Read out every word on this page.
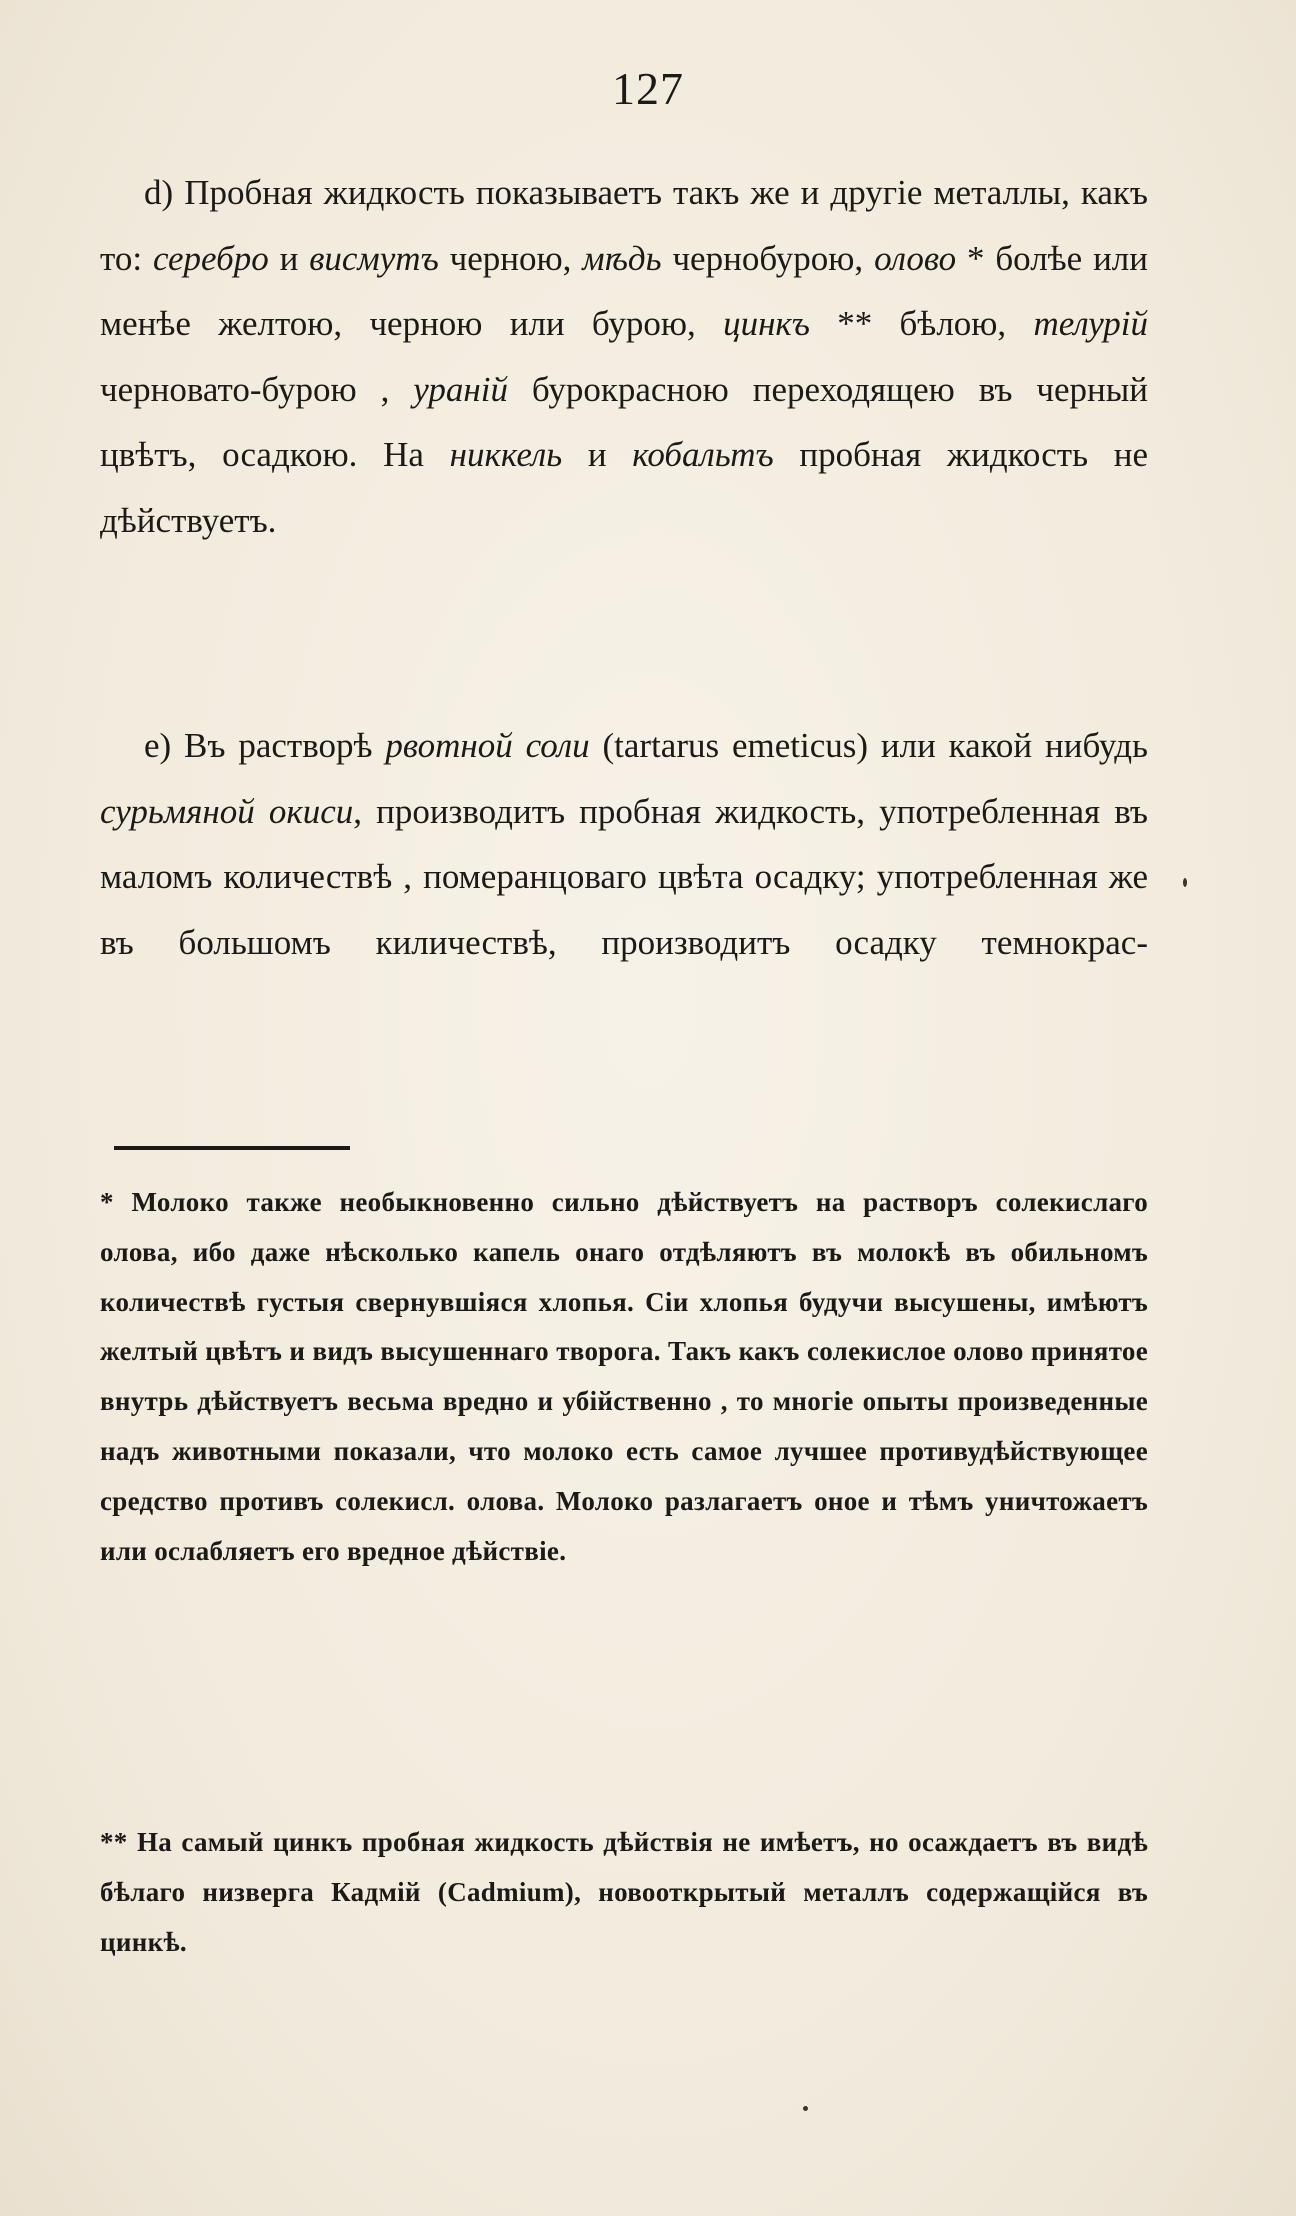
127

d) Пробная жидкость показываетъ такъ же и другіе металлы, какъ то: серебро и висмутъ черною, мѣдь чернобурою, олово * болѣе или менѣе желтою, черною или бурою, цинкъ ** бѣлою, телурій черновато-бурою , ураній бурокрасною переходящею въ черный цвѣтъ, осадкою. На никкель и кобальтъ пробная жидкость не дѣйствуетъ.

e) Въ растворѣ рвотной соли (tartarus emeticus) или какой нибудь сурьмяной окиси, производитъ пробная жидкость, употребленная въ маломъ количествѣ , померанцоваго цвѣта осадку; употребленная же въ большомъ киличествѣ, производитъ осадку темнокрас-

* Молоко также необыкновенно сильно дѣйствуетъ на растворъ солекислаго олова, ибо даже нѣсколько капель онаго отдѣляютъ въ молокѣ въ обильномъ количествѣ густыя свернувшіяся хлопья. Сіи хлопья будучи высушены, имѣютъ желтый цвѣтъ и видъ высушеннаго творога. Такъ какъ солекислое олово принятое внутрь дѣйствуетъ весьма вредно и убійственно , то многіе опыты произведенные надъ животными показали, что молоко есть самое лучшее противудѣйствующее средство противъ солекисл. олова. Молоко разлагаетъ оное и тѣмъ уничтожаетъ или ослабляетъ его вредное дѣйствіе.

** На самый цинкъ пробная жидкость дѣйствія не имѣетъ, но осаждаетъ въ видѣ бѣлаго низверга Кадмій (Cadmium), новооткрытый металлъ содержащійся въ цинкѣ.
